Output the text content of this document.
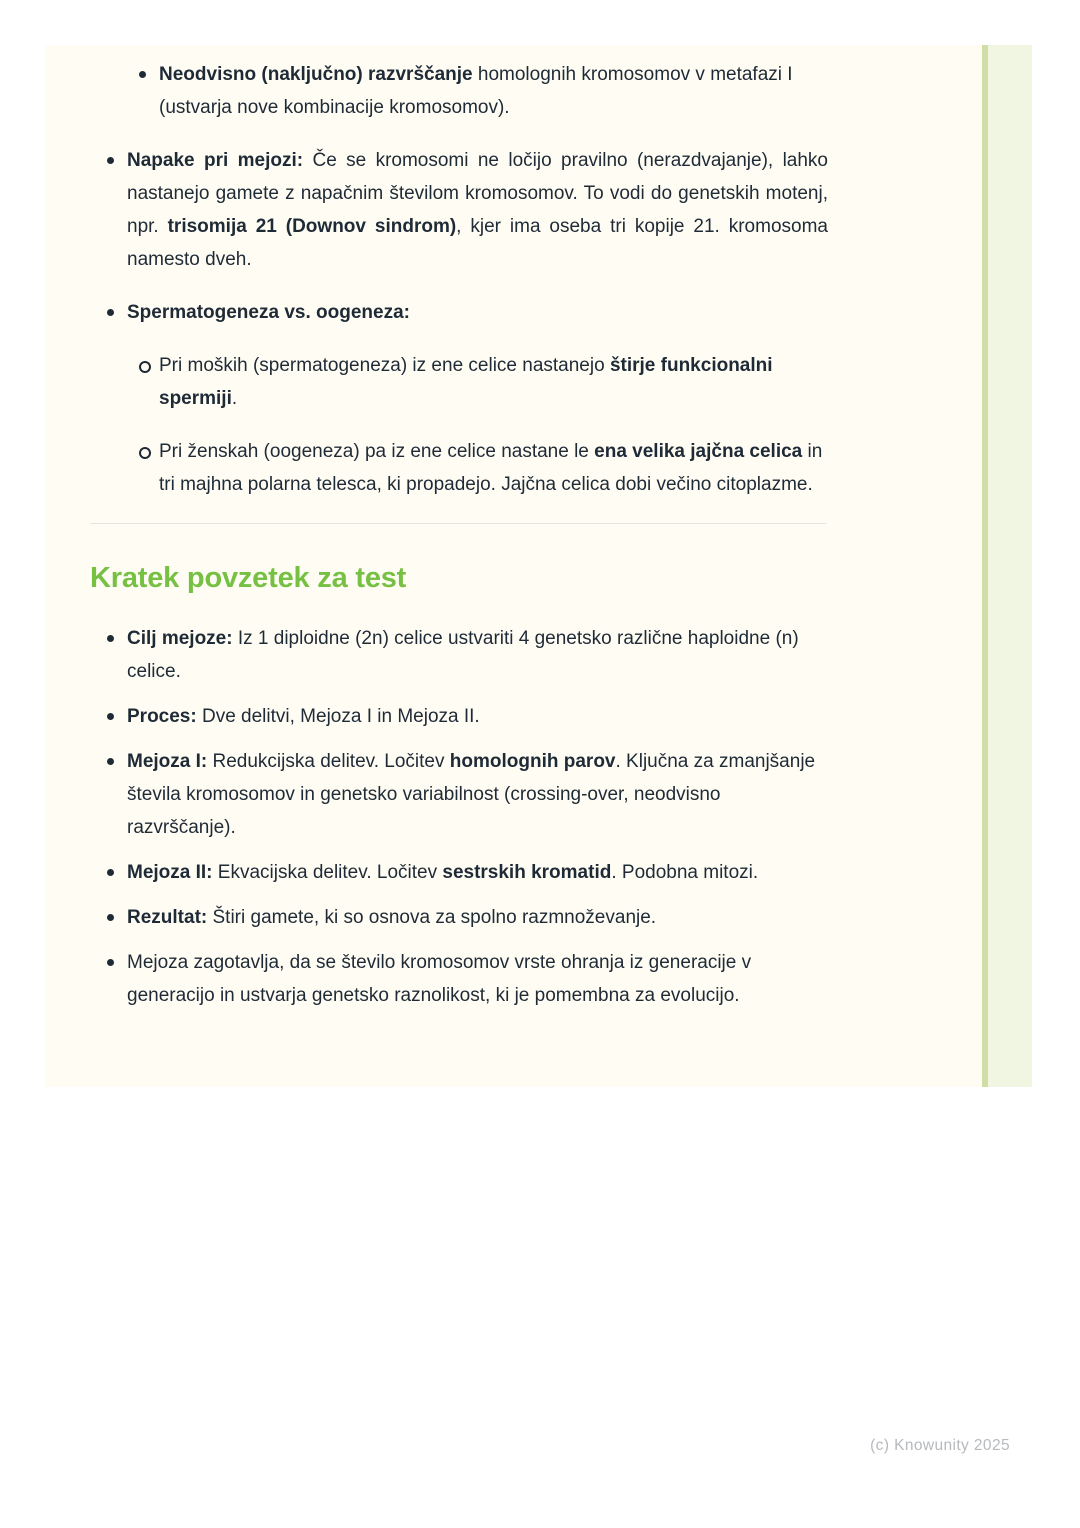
Neodvisno (naključno) razvrščanje homolognih kromosomov v metafazi I (ustvarja nove kombinacije kromosomov).
Napake pri mejozi: Če se kromosomi ne ločijo pravilno (nerazdvajanje), lahko nastanejo gamete z napačnim številom kromosomov. To vodi do genetskih motenj, npr. trisomija 21 (Downov sindrom), kjer ima oseba tri kopije 21. kromosoma namesto dveh.
Spermatogeneza vs. oogeneza:
Pri moških (spermatogeneza) iz ene celice nastanejo štirje funkcionalni spermiji.
Pri ženskah (oogeneza) pa iz ene celice nastane le ena velika jajčna celica in tri majhna polarna telesca, ki propadejo. Jajčna celica dobi večino citoplazme.
Kratek povzetek za test
Cilj mejoze: Iz 1 diploidne (2n) celice ustvariti 4 genetsko različne haploidne (n) celice.
Proces: Dve delitvi, Mejoza I in Mejoza II.
Mejoza I: Redukcijska delitev. Ločitev homolognih parov. Ključna za zmanjšanje števila kromosomov in genetsko variabilnost (crossing-over, neodvisno razvrščanje).
Mejoza II: Ekvacijska delitev. Ločitev sestrskih kromatid. Podobna mitozi.
Rezultat: Štiri gamete, ki so osnova za spolno razmnoževanje.
Mejoza zagotavlja, da se število kromosomov vrste ohranja iz generacije v generacijo in ustvarja genetsko raznolikost, ki je pomembna za evolucijo.
(c) Knowunity 2025
